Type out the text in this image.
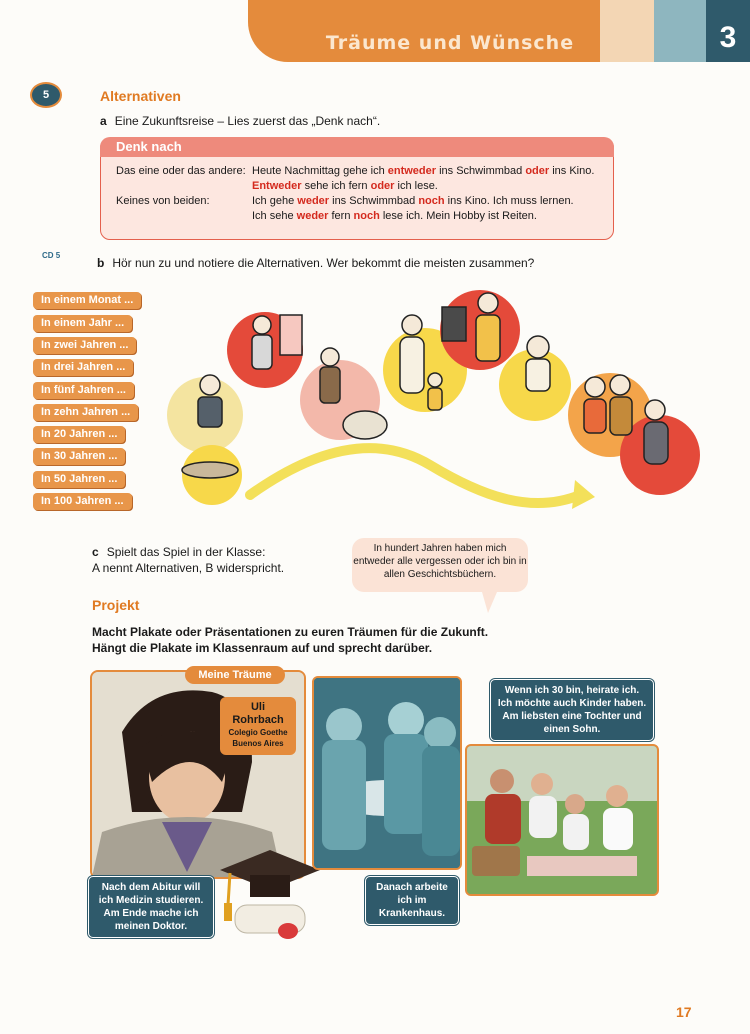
Träume und Wünsche	3
5	Alternativen
a Eine Zukunftsreise – Lies zuerst das „Denk nach“.
Denk nach
Das eine oder das andere:
Keines von beiden:
Heute Nachmittag gehe ich entweder ins Schwimmbad oder ins Kino.
Entweder sehe ich fern oder ich lese.
Ich gehe weder ins Schwimmbad noch ins Kino. Ich muss lernen.
Ich sehe weder fern noch lese ich. Mein Hobby ist Reiten.
CD 5
b Hör nun zu und notiere die Alternativen. Wer bekommt die meisten zusammen?
In einem Monat ...
In einem Jahr ...
In zwei Jahren ...
In drei Jahren ...
In fünf Jahren ...
In zehn Jahren ...
In 20 Jahren ...
In 30 Jahren ...
In 50 Jahren ...
In 100 Jahren ...
c Spielt das Spiel in der Klasse:
A nennt Alternativen, B widerspricht.
In hundert Jahren haben mich entweder alle vergessen oder ich bin in allen Geschichtsbüchern.
Projekt
Macht Plakate oder Präsentationen zu euren Träumen für die Zukunft.
Hängt die Plakate im Klassenraum auf und sprecht darüber.
Meine Träume
Uli
Rohrbach
Colegio Goethe
Buenos Aires
Nach dem Abitur will ich Medizin studieren. Am Ende mache ich meinen Doktor.
Danach arbeite ich im Krankenhaus.
Wenn ich 30 bin, heirate ich. Ich möchte auch Kinder haben. Am liebsten eine Tochter und einen Sohn.
17
